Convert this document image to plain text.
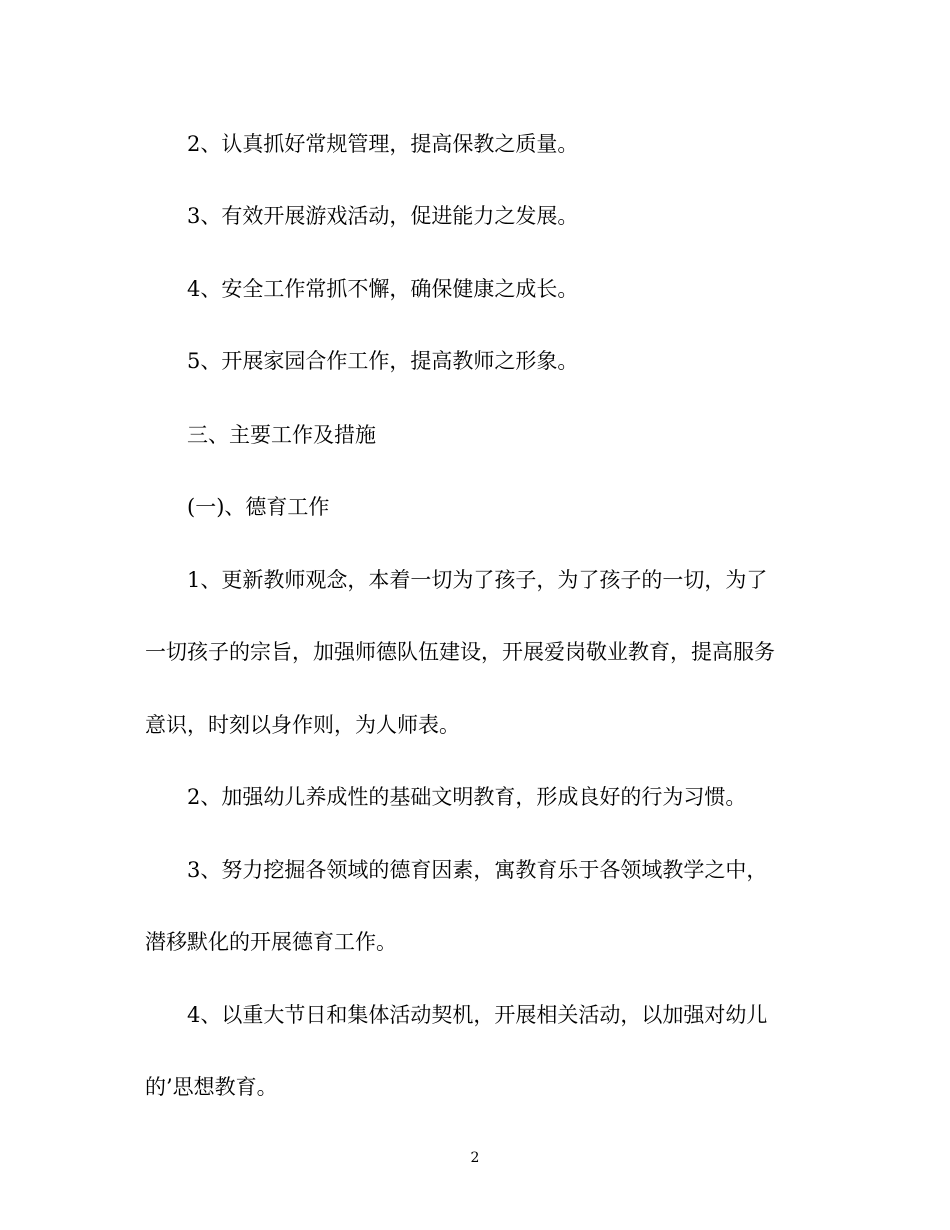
2、认真抓好常规管理，提高保教之质量。
3、有效开展游戏活动，促进能力之发展。
4、安全工作常抓不懈，确保健康之成长。
5、开展家园合作工作，提高教师之形象。
三、主要工作及措施
(一)、德育工作
1、更新教师观念，本着一切为了孩子，为了孩子的一切，为了
一切孩子的宗旨，加强师德队伍建设，开展爱岗敬业教育，提高服务
意识，时刻以身作则，为人师表。
2、加强幼儿养成性的基础文明教育，形成良好的行为习惯。
3、努力挖掘各领域的德育因素，寓教育乐于各领域教学之中，
潜移默化的开展德育工作。
4、以重大节日和集体活动契机，开展相关活动，以加强对幼儿
的’思想教育。
2
